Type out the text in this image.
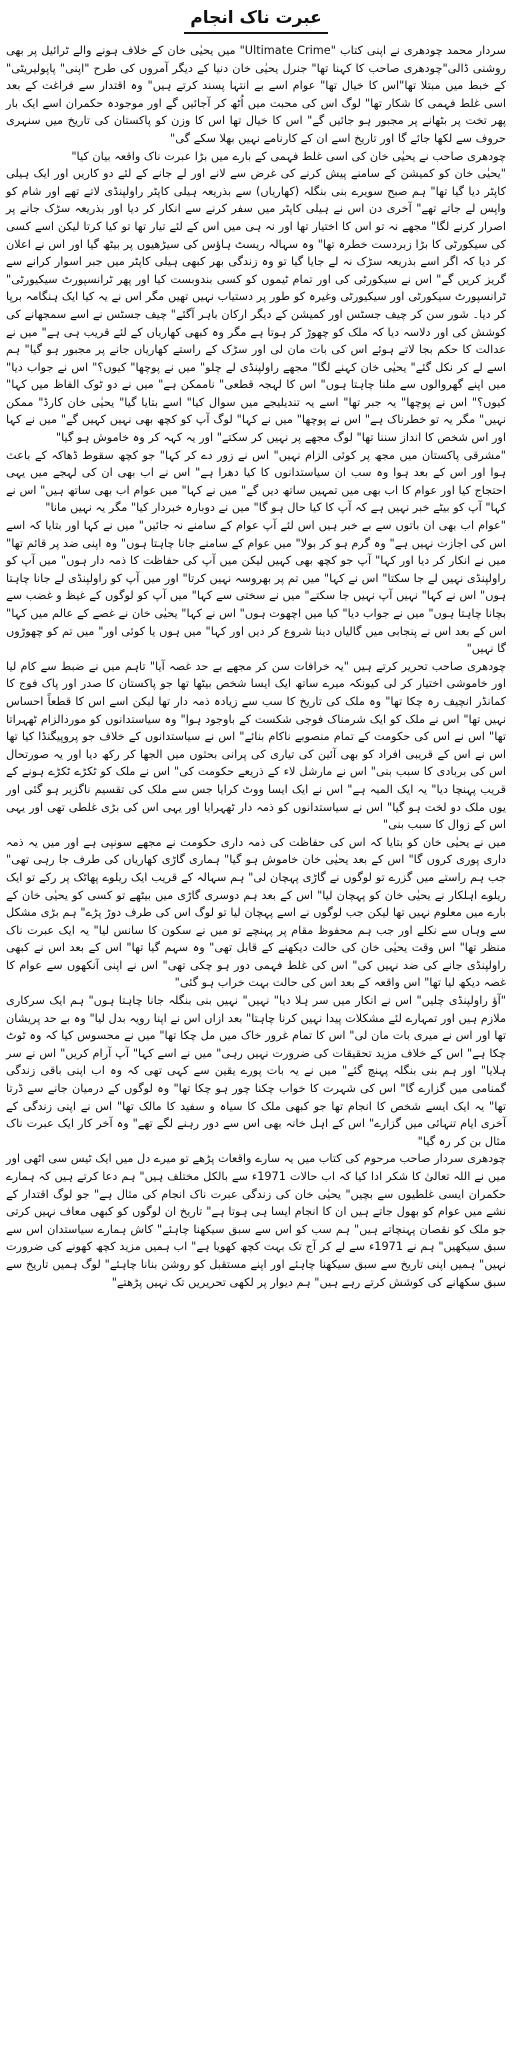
عبرت ناک انجام

سردار محمد چودھری نے اپنی کتاب "Ultimate Crime" میں یحیٰی خان کے خلاف ہونے والے ٹرائیل پر بھی روشنی ڈالی"چودھری صاحب کا کہنا تھا" جنرل یحیٰی خان دنیا کے دیگر آمروں کی طرح "اپنی" پاپولیریٹی" کے خبط میں مبتلا تھا"اس کا خیال تھا" عوام اسے بے انتہا پسند کرتے ہیں" وہ اقتدار سے فراغت کے بعد اسی غلط فہمی کا شکار تھا" لوگ اس کی محبت میں اُٹھ کر آجائیں گے اور موجودہ حکمران اسے ایک بار پھر تخت پر بٹھانے پر مجبور ہو جائیں گے" اس کا خیال تھا اس کا وزن کو پاکستان کی تاریخ میں سنہری حروف سے لکھا جائے گا اور تاریخ اسے ان کے کارنامے نہیں بھلا سکے گی"

چودھری صاحب نے یحیٰی خان کی اسی غلط فہمی کے بارے میں بڑا عبرت ناک واقعہ بیان کیا"

"یحیٰی خان کو کمیشن کے سامنے پیش کرنے کی غرض سے لانے اور لے جانے کے لئے دو کاریں اور ایک ہیلی کاپٹر دیا گیا تھا" ہم صبح سویرے بنی بنگلہ (کھاریاں) سے بذریعہ ہیلی کاپٹر راولپنڈی لاتے تھے اور شام کو واپس لے جاتے تھے" آخری دن اس نے ہیلی کاپٹر میں سفر کرنے سے انکار کر دیا اور بذریعہ سڑک جانے پر اصرار کرنے لگا" مجھے نہ تو اس کا اختیار تھا اور نہ ہی میں اس کے لئے تیار تھا تو کیا کرتا لیکن اسے کسی کی سیکورٹی کا بڑا زبردست خطرہ تھا" وہ سہالہ ریسٹ ہاؤس کی سیڑھیوں پر بیٹھ گیا اور اس نے اعلان کر دیا کہ اگر اسے بذریعہ سڑک نہ لے جایا گیا تو وہ زندگی بھر کبھی ہیلی کاپٹر میں جبر اسوار کرانے سے گریز کریں گے" اس نے سیکورٹی کی اور تمام ٹیموں کو کسی بندوبست کیا اور پھر ٹرانسپورٹ سیکیورٹی" ٹرانسپورٹ سیکورٹی اور سیکیورٹی وغیرہ کو طور پر دستیاب نہیں تھیں مگر اس نے یہ کیا ایک ہنگامہ برپا کر دیا۔ شور سن کر چیف جسٹس اور کمیشن کے دیگر ارکان باہر آگئے" چیف جسٹس نے اسے سمجھانے کی کوشش کی اور دلاسہ دیا کہ ملک کو چھوڑ کر ہوتا ہے مگر وہ کبھی کھاریاں کے لئے قریب ہی ہے" میں نے عدالت کا حکم بجا لاتے ہوئے اس کی بات مان لی اور سڑک کے راستے کھاریاں جانے پر مجبور ہو گیا" ہم اسے لے کر نکل گئے" یحیٰی خان کہنے لگا" مجھے راولپنڈی لے چلو" میں نے پوچھا" کیوں؟" اس نے جواب دیا" میں اپنے گھروالوں سے ملنا چاہتا ہوں" اس کا لہجہ قطعی" ناممکن ہے" میں نے دو ٹوک الفاظ میں کہا" کیوں؟" اس نے پوچھا" یہ جبر تھا" اسے یہ تندیلیجے میں سوال کیا" اسے بتایا گیا" یحیٰی خان کارڈ" ممکن نہیں" مگر یہ تو خطرناک ہے" اس نے پوچھا" میں نے کہا" لوگ آپ کو کچھ بھی نہیں کہیں گے" میں نے کہا اور اس شخص کا انداز سننا تھا" لوگ مجھے پر نہیں کر سکتے" اور یہ کہہ کر وہ خاموش ہو گیا"

"مشرقی پاکستان میں مجھ پر کوئی الزام نہیں" اس نے زور دے کر کہا" جو کچھ سقوط ڈھاکہ کے باعث ہوا اور اس کے بعد ہوا وہ سب ان سیاستدانوں کا کیا دھرا ہے" اس نے اب بھی ان کی لہجے میں یہی احتجاج کیا اور عوام کا اب بھی میں تمہیں ساتھ دیں گے" میں نے کہا" میں عوام اب بھی ساتھ ہیں" اس نے کہا" آپ کو بیٹے خبر نہیں ہے کہ آپ کا کیا حال ہو گا" میں نے دوبارہ خبردار کیا" مگر یہ نہیں مانا"

"عوام اب بھی ان باتوں سے بے خبر ہیں اس لئے آپ عوام کے سامنے نہ جائیں" میں نے کہا اور بتایا کہ اسے اس کی اجازت نہیں ہے" وہ گرم ہو کر بولا" میں عوام کے سامنے جانا چاہتا ہوں" وہ اپنی ضد پر قائم تھا" میں نے انکار کر دیا اور کہا" آپ جو کچھ بھی کہیں لیکن میں آپ کی حفاظت کا ذمہ دار ہوں" میں آپ کو راولپنڈی نہیں لے جا سکتا" اس نے کہا" میں تم پر بھروسہ نہیں کرتا" اور میں آپ کو راولپنڈی لے جانا چاہتا ہوں" اس نے کہا" نہیں آپ نہیں جا سکتے" میں نے سختی سے کہا" میں آپ کو لوگوں کے غیظ و غضب سے بچانا چاہتا ہوں" میں نے جواب دیا" کیا میں اچھوت ہوں" اس نے کہا" یحیٰی خان نے غصے کے عالم میں کہا" اس کے بعد اس نے پنجابی میں گالیاں دینا شروع کر دیں اور کہا" میں ہوں یا کوئی اور" میں تم کو چھوڑوں گا نہیں"

چودھری صاحب تحریر کرتے ہیں "یہ خرافات سن کر مجھے بے حد غصہ آیا" تاہم میں نے ضبط سے کام لیا اور خاموشی اختیار کر لی کیونکہ میرے ساتھ ایک ایسا شخص بیٹھا تھا جو پاکستان کا صدر اور پاک فوج کا کمانڈر انچیف رہ چکا تھا" وہ ملک کی تاریخ کا سب سے زیادہ ذمہ دار تھا لیکن اسے اس کا قطعاً احساس نہیں تھا" اس نے ملک کو ایک شرمناک فوجی شکست کے باوجود ہوا" وہ سیاستدانوں کو موردالزام ٹھہراتا تھا" اس نے اس کی حکومت کے تمام منصوبے ناکام بنائے" اس نے سیاستدانوں کے خلاف جو پروپیگنڈا کیا تھا اس نے اس کے قریبی افراد کو بھی آئین کی تیاری کی پرانی بحثوں میں الجھا کر رکھ دیا اور یہ صورتحال اس کی بربادی کا سبب بنی" اس نے مارشل لاء کے ذریعے حکومت کی" اس نے ملک کو ٹکڑے ٹکڑے ہونے کے قریب پہنچا دیا" یہ ایک المیہ ہے" اس نے ایک ایسا ووٹ کرایا جس سے ملک کی تقسیم ناگزیر ہو گئی اور یوں ملک دو لخت ہو گیا" اس نے سیاستدانوں کو ذمہ دار ٹھہرایا اور یہی اس کی بڑی غلطی تھی اور یہی اس کے زوال کا سبب بنی"

میں نے یحیٰی خان کو بتایا کہ اس کی حفاظت کی ذمہ داری حکومت نے مجھے سونپی ہے اور میں یہ ذمہ داری پوری کروں گا" اس کے بعد یحیٰی خان خاموش ہو گیا" ہماری گاڑی کھاریاں کی طرف جا رہی تھی" جب ہم راستے میں گزرے تو لوگوں نے گاڑی پہچان لی" ہم سہالہ کے قریب ایک ریلوے پھاٹک پر رکے تو ایک ریلوے اہلکار نے یحیٰی خان کو پہچان لیا" اس کے بعد ہم دوسری گاڑی میں بیٹھے تو کسی کو یحیٰی خان کے بارے میں معلوم نہیں تھا لیکن جب لوگوں نے اسے پہچان لیا تو لوگ اس کی طرف دوڑ پڑے" ہم بڑی مشکل سے وہاں سے نکلے اور جب ہم محفوظ مقام پر پہنچے تو میں نے سکون کا سانس لیا" یہ ایک عبرت ناک منظر تھا" اس وقت یحیٰی خان کی حالت دیکھنے کے قابل تھی" وہ سہم گیا تھا" اس کے بعد اس نے کبھی راولپنڈی جانے کی ضد نہیں کی" اس کی غلط فہمی دور ہو چکی تھی" اس نے اپنی آنکھوں سے عوام کا غصہ دیکھ لیا تھا" اس واقعہ کے بعد اس کی حالت بہت خراب ہو گئی"

"آؤ راولپنڈی چلیں" اس نے انکار میں سر ہلا دیا" نہیں" نہیں بنی بنگلہ جانا چاہتا ہوں" ہم ایک سرکاری ملازم ہیں اور تمہارے لئے مشکلات پیدا نہیں کرنا چاہتا" بعد ازاں اس نے اپنا رویہ بدل لیا" وہ بے حد پریشان تھا اور اس نے میری بات مان لی" اس کا تمام غرور خاک میں مل چکا تھا" میں نے محسوس کیا کہ وہ ٹوٹ چکا ہے" اس کے خلاف مزید تحقیقات کی ضرورت نہیں رہی" میں نے اسے کہا" آپ آرام کریں" اس نے سر ہلایا" اور ہم بنی بنگلہ پہنچ گئے" میں نے یہ بات پورے یقین سے کہی تھی کہ وہ اب اپنی باقی زندگی گمنامی میں گزارے گا" اس کی شہرت کا خواب چکنا چور ہو چکا تھا" وہ لوگوں کے درمیان جانے سے ڈرتا تھا" یہ ایک ایسے شخص کا انجام تھا جو کبھی ملک کا سیاہ و سفید کا مالک تھا" اس نے اپنی زندگی کے آخری ایام تنہائی میں گزارے" اس کے اہل خانہ بھی اس سے دور رہنے لگے تھے" وہ آخر کار ایک عبرت ناک مثال بن کر رہ گیا"

چودھری سردار صاحب مرحوم کی کتاب میں یہ سارے واقعات پڑھے تو میرے دل میں ایک ٹیس سی اٹھی اور میں نے اللہ تعالیٰ کا شکر ادا کیا کہ اب حالات 1971ء سے بالکل مختلف ہیں" ہم دعا کرتے ہیں کہ ہمارے حکمران ایسی غلطیوں سے بچیں" یحیٰی خان کی زندگی عبرت ناک انجام کی مثال ہے" جو لوگ اقتدار کے نشے میں عوام کو بھول جاتے ہیں ان کا انجام ایسا ہی ہوتا ہے" تاریخ ان لوگوں کو کبھی معاف نہیں کرتی جو ملک کو نقصان پہنچاتے ہیں" ہم سب کو اس سے سبق سیکھنا چاہئے" کاش ہمارے سیاستدان اس سے سبق سیکھیں" ہم نے 1971ء سے لے کر آج تک بہت کچھ کھویا ہے" اب ہمیں مزید کچھ کھونے کی ضرورت نہیں" ہمیں اپنی تاریخ سے سبق سیکھنا چاہئے اور اپنے مستقبل کو روشن بنانا چاہئے" لوگ ہمیں تاریخ سے سبق سکھانے کی کوشش کرتے رہے ہیں" ہم دیوار پر لکھی تحریریں تک نہیں پڑھتے"
